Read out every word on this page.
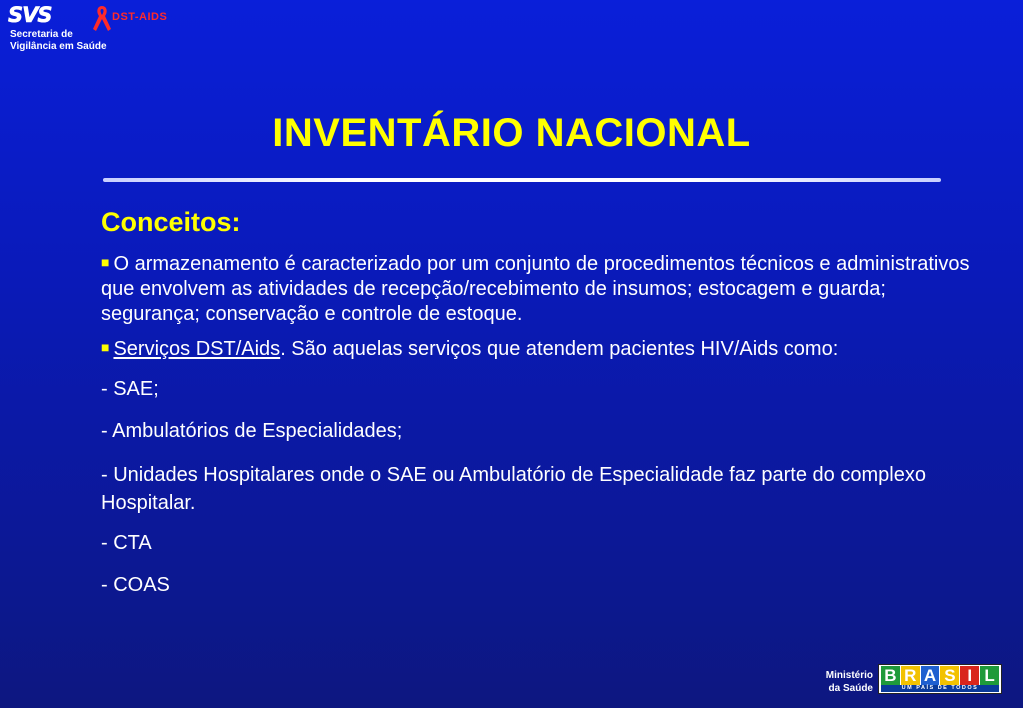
SVS
Secretaria de
Vigilância em Saúde
DST-AIDS
INVENTÁRIO NACIONAL
Conceitos:
■ O armazenamento é caracterizado por um conjunto de procedimentos técnicos e administrativos que envolvem as atividades de recepção/recebimento de insumos; estocagem e guarda; segurança; conservação e controle de estoque.
■ Serviços DST/Aids. São aquelas serviços que atendem pacientes HIV/Aids como:
- SAE;
- Ambulatórios de Especialidades;
- Unidades Hospitalares onde o SAE ou Ambulatório de Especialidade faz parte do complexo Hospitalar.
- CTA
- COAS
Ministério
da Saúde
B R A S I L
UM PAÍS DE TODOS
